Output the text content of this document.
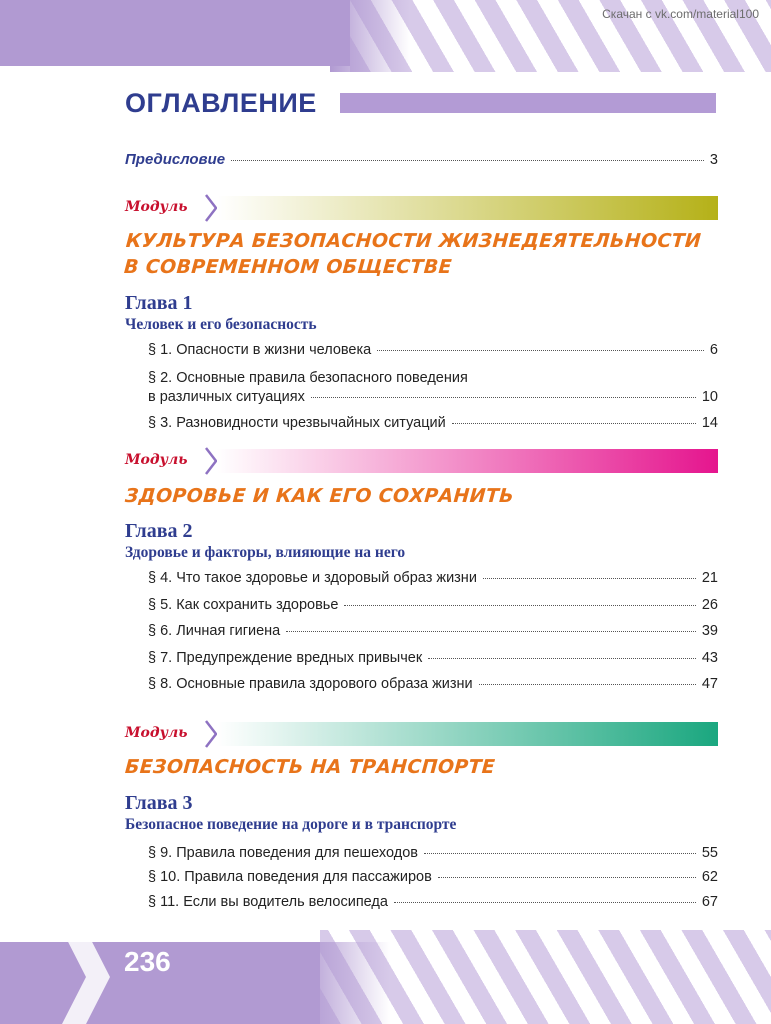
Скачан с vk.com/material100
ОГЛАВЛЕНИЕ
Предисловие	3
Модуль
КУЛЬТУРА БЕЗОПАСНОСТИ ЖИЗНЕДЕЯТЕЛЬНОСТИ
В СОВРЕМЕННОМ ОБЩЕСТВЕ
Глава 1
Человек и его безопасность
§ 1. Опасности в жизни человека	6
§ 2. Основные правила безопасного поведения
в различных ситуациях	10
§ 3. Разновидности чрезвычайных ситуаций	14
Модуль
ЗДОРОВЬЕ И КАК ЕГО СОХРАНИТЬ
Глава 2
Здоровье и факторы, влияющие на него
§ 4. Что такое здоровье и здоровый образ жизни	21
§ 5. Как сохранить здоровье	26
§ 6. Личная гигиена	39
§ 7. Предупреждение вредных привычек	43
§ 8. Основные правила здорового образа жизни	47
Модуль
БЕЗОПАСНОСТЬ НА ТРАНСПОРТЕ
Глава 3
Безопасное поведение на дороге и в транспорте
§ 9. Правила поведения для пешеходов	55
§ 10. Правила поведения для пассажиров	62
§ 11. Если вы водитель велосипеда	67
236
